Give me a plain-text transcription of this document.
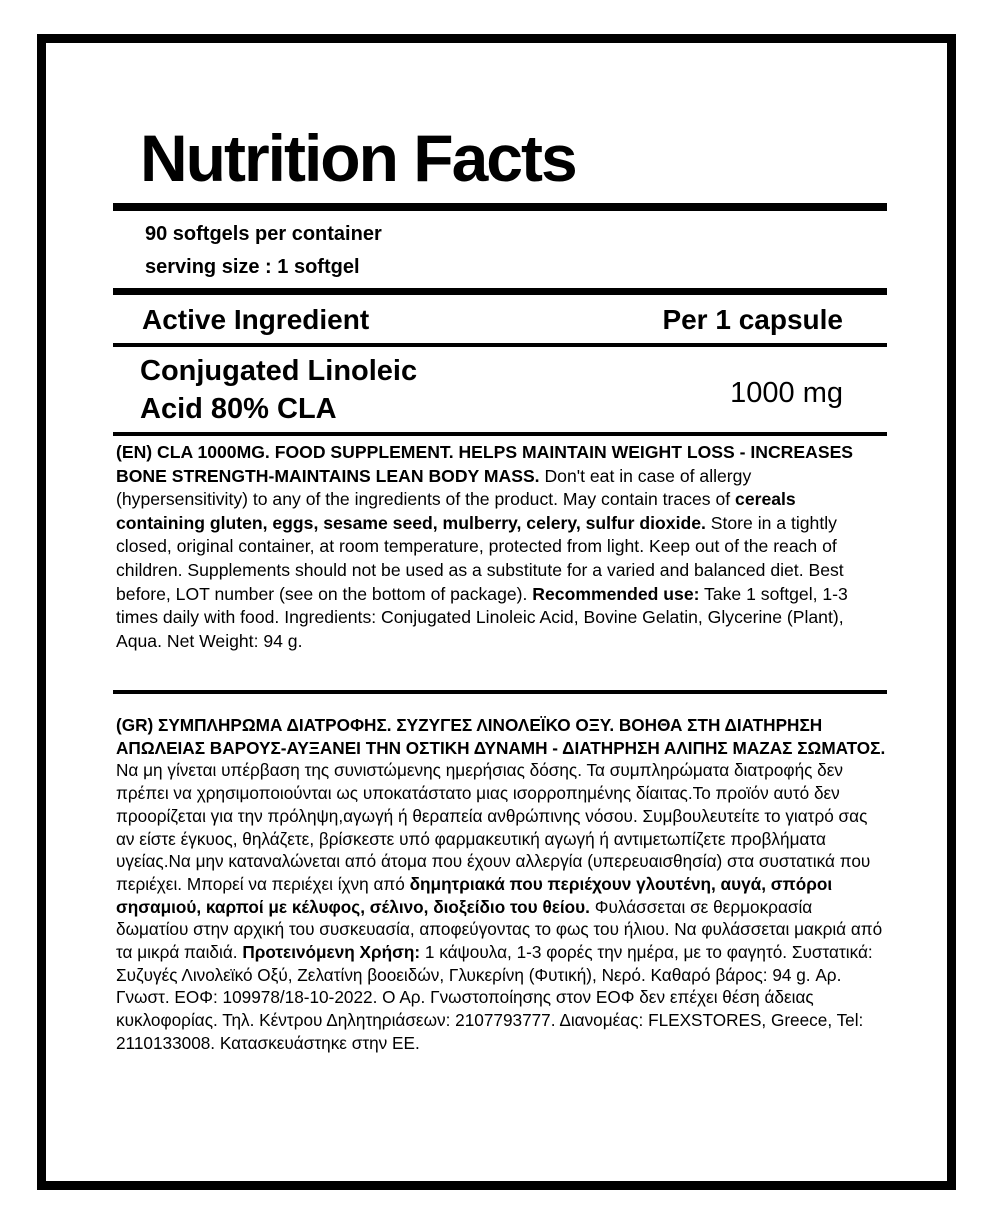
Nutrition Facts
90 softgels per container
serving size : 1 softgel
Active Ingredient	Per 1 capsule
Conjugated Linoleic
Acid 80% CLA	1000 mg
(EN) CLA 1000MG. FOOD SUPPLEMENT. HELPS MAINTAIN WEIGHT LOSS - INCREASES BONE STRENGTH-MAINTAINS LEAN BODY MASS. Don't eat in case of allergy (hypersensitivity) to any of the ingredients of the product. May contain traces of cereals containing gluten, eggs, sesame seed, mulberry, celery, sulfur dioxide. Store in a tightly closed, original container, at room temperature, protected from light. Keep out of the reach of children. Supplements should not be used as a substitute for a varied and balanced diet. Best before, LOT number (see on the bottom of package). Recommended use: Take 1 softgel, 1-3 times daily with food. Ingredients: Conjugated Linoleic Acid, Bovine Gelatin, Glycerine (Plant), Aqua. Net Weight: 94 g.
(GR) ΣΥΜΠΛΗΡΩΜΑ ΔΙΑΤΡΟΦΗΣ. ΣΥΖΥΓΕΣ ΛΙΝΟΛΕΪΚΟ ΟΞΥ. ΒΟΗΘΑ ΣΤΗ ΔΙΑΤΗΡΗΣΗ ΑΠΩΛΕΙΑΣ ΒΑΡΟΥΣ-ΑΥΞΑΝΕΙ ΤΗΝ ΟΣΤΙΚΗ ΔΥΝΑΜΗ - ΔΙΑΤΗΡΗΣΗ ΑΛΙΠΗΣ ΜΑΖΑΣ ΣΩΜΑΤΟΣ. Να μη γίνεται υπέρβαση της συνιστώμενης ημερήσιας δόσης. Τα συμπληρώματα διατροφής δεν πρέπει να χρησιμοποιούνται ως υποκατάστατο μιας ισορροπημένης δίαιτας.Το προϊόν αυτό δεν προορίζεται για την πρόληψη,αγωγή ή θεραπεία ανθρώπινης νόσου. Συμβουλευτείτε το γιατρό σας αν είστε έγκυος, θηλάζετε, βρίσκεστε υπό φαρμακευτική αγωγή ή αντιμετωπίζετε προβλήματα υγείας.Να μην καταναλώνεται από άτομα που έχουν αλλεργία (υπερευαισθησία) στα συστατικά που περιέχει. Μπορεί να περιέχει ίχνη από δημητριακά που περιέχουν γλουτένη, αυγά, σπόροι σησαμιού, καρποί με κέλυφος, σέλινο, διοξείδιο του θείου. Φυλάσσεται σε θερμοκρασία δωματίου στην αρχική του συσκευασία, αποφεύγοντας το φως του ήλιου. Να φυλάσσεται μακριά από τα μικρά παιδιά. Προτεινόμενη Χρήση: 1 κάψουλα, 1-3 φορές την ημέρα, με το φαγητό. Συστατικά: Συζυγές Λινολεϊκό Οξύ, Ζελατίνη βοοειδών, Γλυκερίνη (Φυτική), Νερό. Καθαρό βάρος: 94 g. Αρ. Γνωστ. ΕΟΦ: 109978/18-10-2022. Ο Αρ. Γνωστοποίησης στον ΕΟΦ δεν επέχει θέση άδειας κυκλοφορίας. Τηλ. Κέντρου Δηλητηριάσεων: 2107793777. Διανομέας: FLEXSTORES, Greece, Tel: 2110133008. Κατασκευάστηκε στην ΕΕ.
